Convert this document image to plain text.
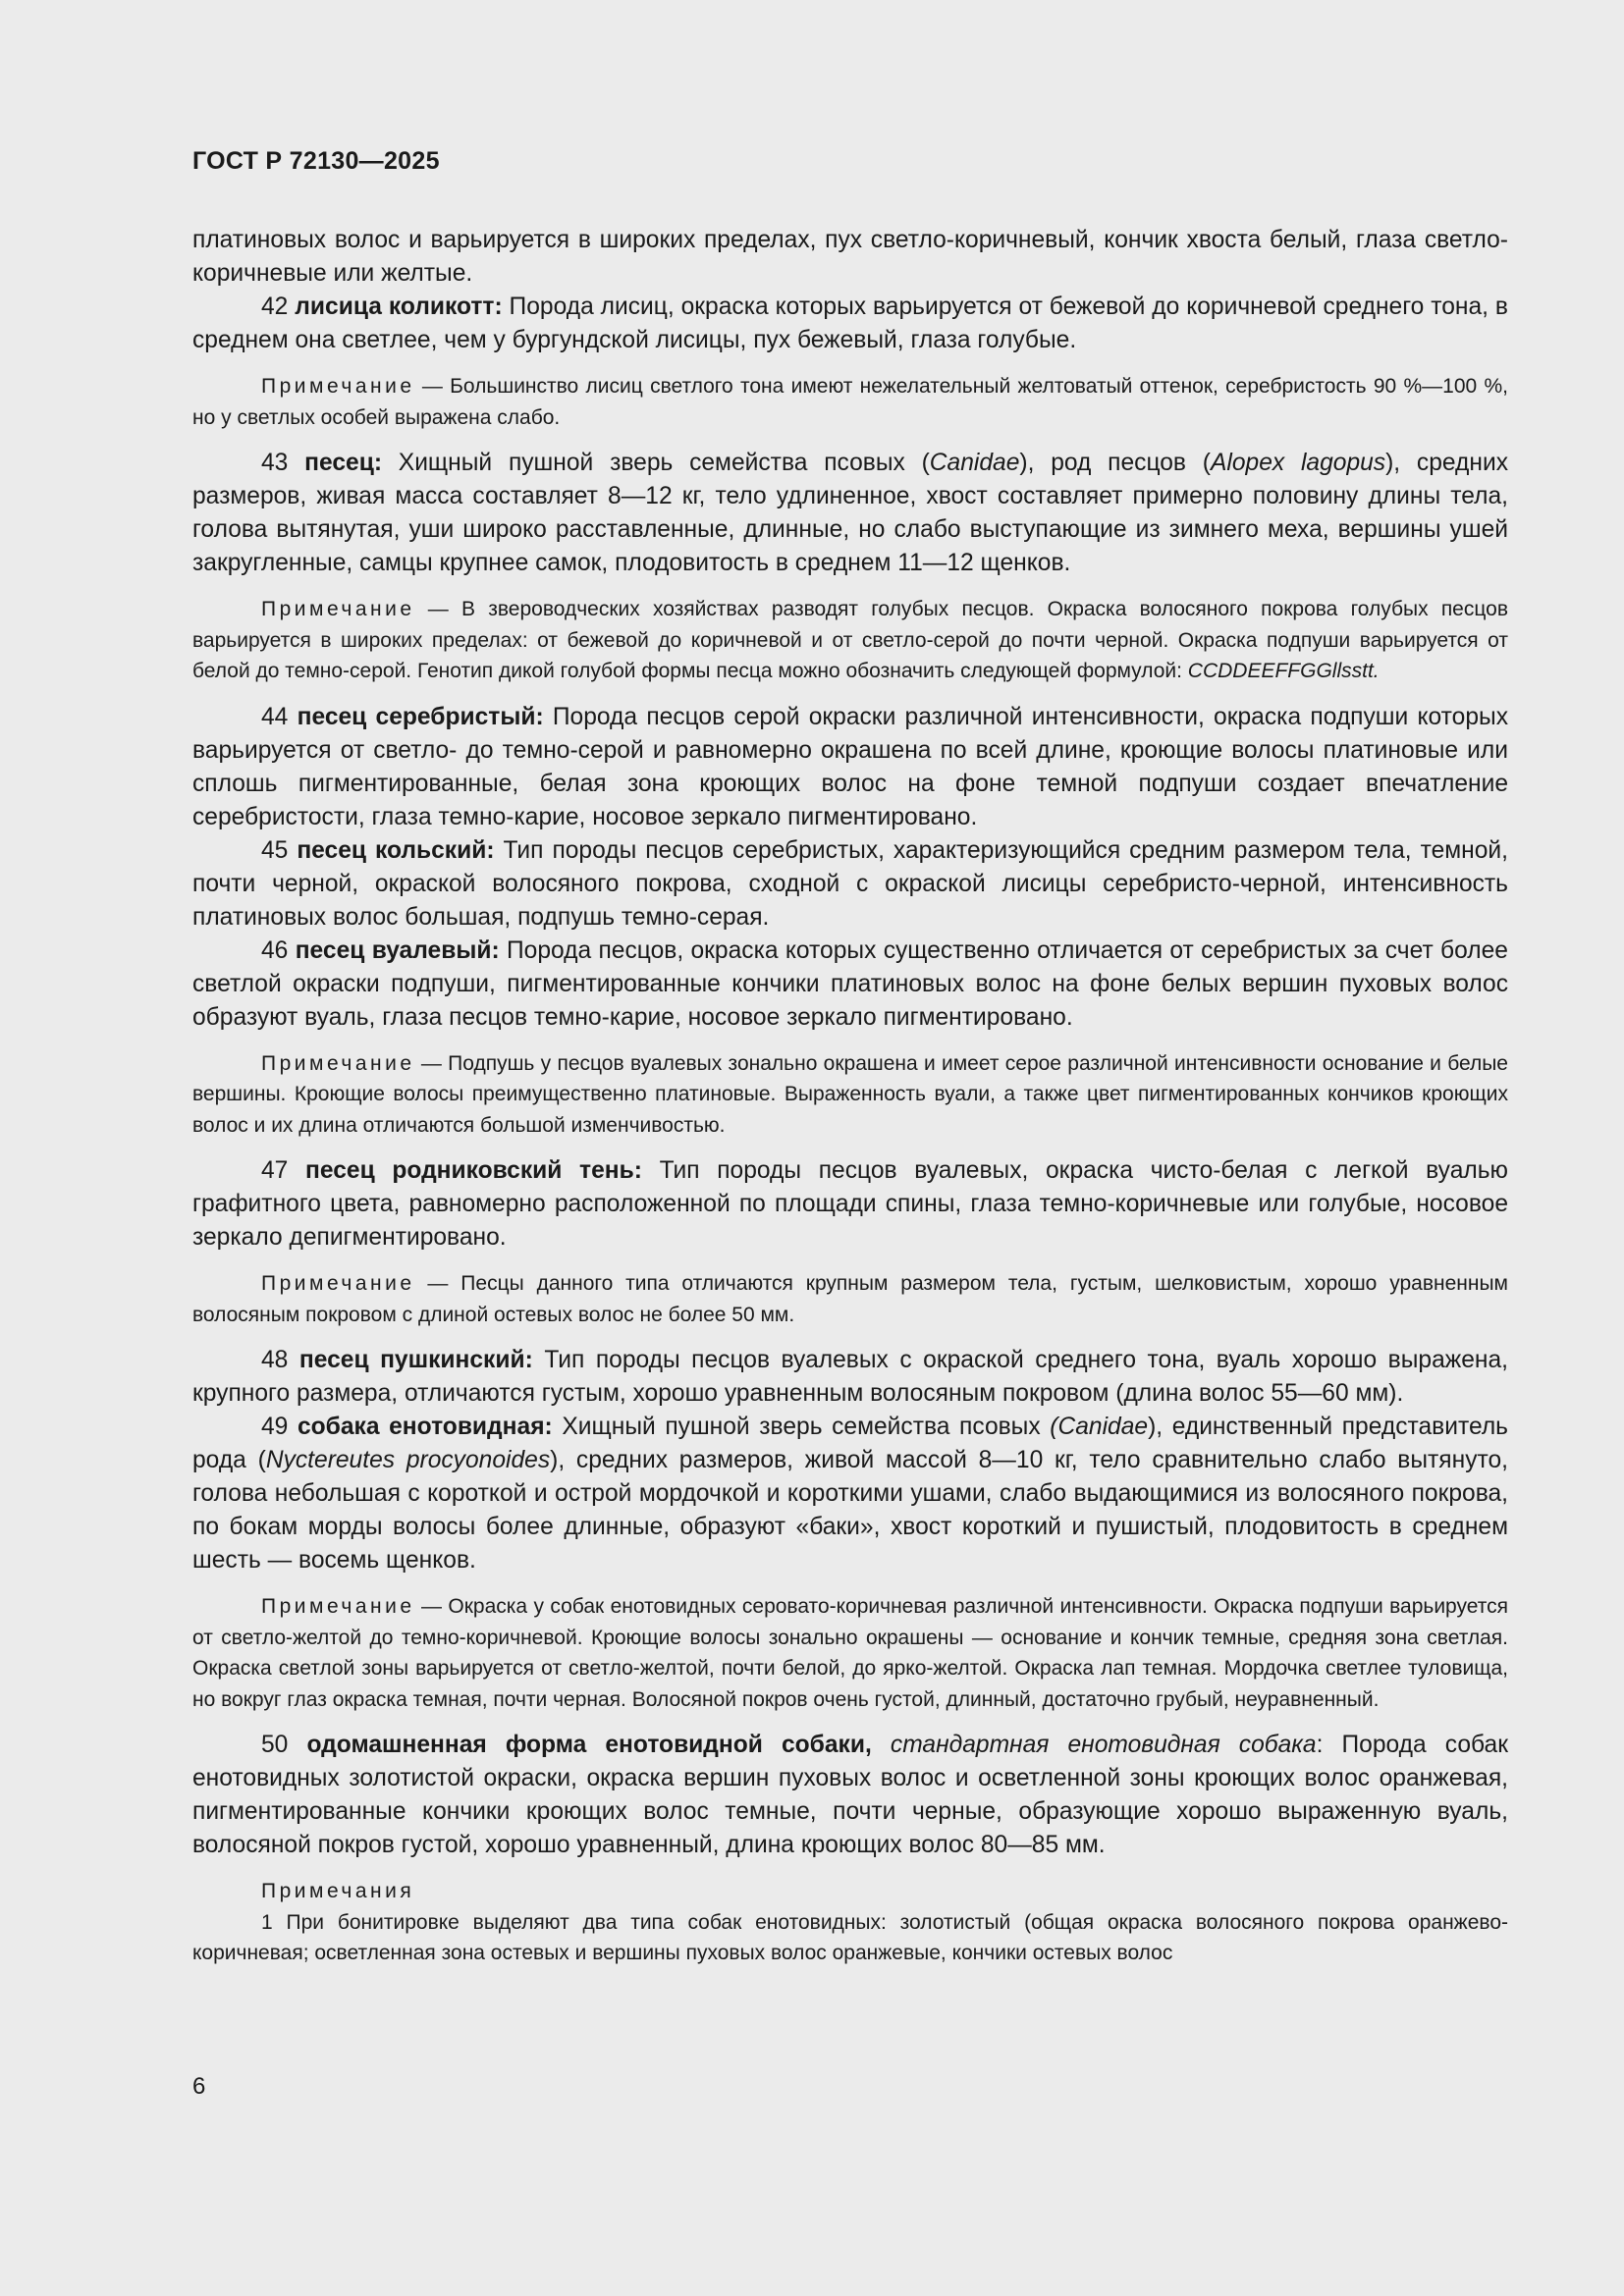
ГОСТ Р 72130—2025

платиновых волос и варьируется в широких пределах, пух светло-коричневый, кончик хвоста белый, глаза светло-коричневые или желтые.

42 лисица коликотт: Порода лисиц, окраска которых варьируется от бежевой до коричневой среднего тона, в среднем она светлее, чем у бургундской лисицы, пух бежевый, глаза голубые.

Примечание — Большинство лисиц светлого тона имеют нежелательный желтоватый оттенок, серебристость 90 %—100 %, но у светлых особей выражена слабо.

43 песец: Хищный пушной зверь семейства псовых (Canidae), род песцов (Alopex lagopus), средних размеров, живая масса составляет 8—12 кг, тело удлиненное, хвост составляет примерно половину длины тела, голова вытянутая, уши широко расставленные, длинные, но слабо выступающие из зимнего меха, вершины ушей закругленные, самцы крупнее самок, плодовитость в среднем 11—12 щенков.

Примечание — В звероводческих хозяйствах разводят голубых песцов. Окраска волосяного покрова голубых песцов варьируется в широких пределах: от бежевой до коричневой и от светло-серой до почти черной. Окраска подпуши варьируется от белой до темно-серой. Генотип дикой голубой формы песца можно обозначить следующей формулой: CCDDEEFFGGllsstt.

44 песец серебристый: Порода песцов серой окраски различной интенсивности, окраска подпуши которых варьируется от светло- до темно-серой и равномерно окрашена по всей длине, кроющие волосы платиновые или сплошь пигментированные, белая зона кроющих волос на фоне темной подпуши создает впечатление серебристости, глаза темно-карие, носовое зеркало пигментировано.

45 песец кольский: Тип породы песцов серебристых, характеризующийся средним размером тела, темной, почти черной, окраской волосяного покрова, сходной с окраской лисицы серебристо-черной, интенсивность платиновых волос большая, подпушь темно-серая.

46 песец вуалевый: Порода песцов, окраска которых существенно отличается от серебристых за счет более светлой окраски подпуши, пигментированные кончики платиновых волос на фоне белых вершин пуховых волос образуют вуаль, глаза песцов темно-карие, носовое зеркало пигментировано.

Примечание — Подпушь у песцов вуалевых зонально окрашена и имеет серое различной интенсивности основание и белые вершины. Кроющие волосы преимущественно платиновые. Выраженность вуали, а также цвет пигментированных кончиков кроющих волос и их длина отличаются большой изменчивостью.

47 песец родниковский тень: Тип породы песцов вуалевых, окраска чисто-белая с легкой вуалью графитного цвета, равномерно расположенной по площади спины, глаза темно-коричневые или голубые, носовое зеркало депигментировано.

Примечание — Песцы данного типа отличаются крупным размером тела, густым, шелковистым, хорошо уравненным волосяным покровом с длиной остевых волос не более 50 мм.

48 песец пушкинский: Тип породы песцов вуалевых с окраской среднего тона, вуаль хорошо выражена, крупного размера, отличаются густым, хорошо уравненным волосяным покровом (длина волос 55—60 мм).

49 собака енотовидная: Хищный пушной зверь семейства псовых (Canidae), единственный представитель рода (Nyctereutes procyonoides), средних размеров, живой массой 8—10 кг, тело сравнительно слабо вытянуто, голова небольшая с короткой и острой мордочкой и короткими ушами, слабо выдающимися из волосяного покрова, по бокам морды волосы более длинные, образуют «баки», хвост короткий и пушистый, плодовитость в среднем шесть — восемь щенков.

Примечание — Окраска у собак енотовидных серовато-коричневая различной интенсивности. Окраска подпуши варьируется от светло-желтой до темно-коричневой. Кроющие волосы зонально окрашены — основание и кончик темные, средняя зона светлая. Окраска светлой зоны варьируется от светло-желтой, почти белой, до ярко-желтой. Окраска лап темная. Мордочка светлее туловища, но вокруг глаз окраска темная, почти черная. Волосяной покров очень густой, длинный, достаточно грубый, неуравненный.

50 одомашненная форма енотовидной собаки, стандартная енотовидная собака: Порода собак енотовидных золотистой окраски, окраска вершин пуховых волос и осветленной зоны кроющих волос оранжевая, пигментированные кончики кроющих волос темные, почти черные, образующие хорошо выраженную вуаль, волосяной покров густой, хорошо уравненный, длина кроющих волос 80—85 мм.

Примечания

1 При бонитировке выделяют два типа собак енотовидных: золотистый (общая окраска волосяного покрова оранжево-коричневая; осветленная зона остевых и вершины пуховых волос оранжевые, кончики остевых волос

6
